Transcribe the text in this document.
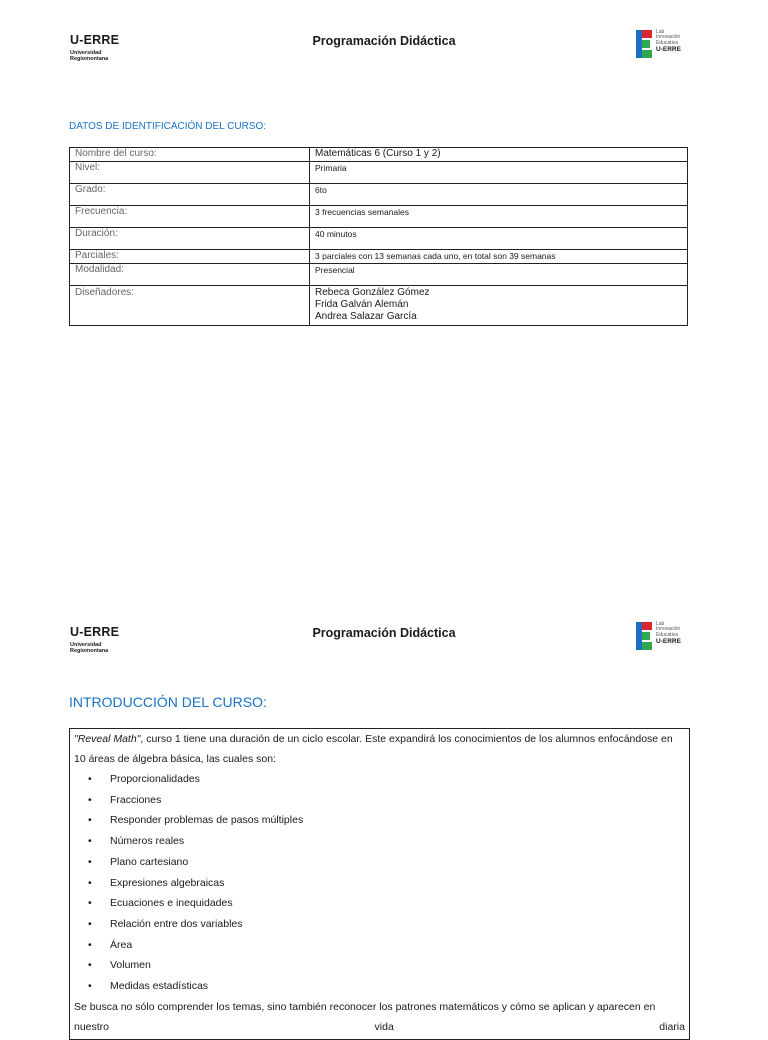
U-ERRE
Universidad
Regiomontana
Programación Didáctica
Lab
Innovación
Educativa
U-ERRE
DATOS DE IDENTIFICACIÓN DEL CURSO:
Nombre del curso:	Matemáticas 6 (Curso 1 y 2)
Nivel:	Primaria
Grado:	6to
Frecuencia:	3 frecuencias semanales
Duración:	40 minutos
Parciales:	3 parciales con 13 semanas cada uno, en total son 39 semanas
Modalidad:	Presencial
Diseñadores:	Rebeca González Gómez
Frida Galván Alemán
Andrea Salazar García
U-ERRE
Universidad
Regiomontana
Programación Didáctica
Lab
Innovación
Educativa
U-ERRE
INTRODUCCIÓN DEL CURSO:

"Reveal Math", curso 1 tiene una duración de un ciclo escolar. Este expandirá los conocimientos de los alumnos enfocándose en 10 áreas de álgebra básica, las cuales son:

• Proporcionalidades
• Fracciones
• Responder problemas de pasos múltiples
• Números reales
• Plano cartesiano
• Expresiones algebraicas
• Ecuaciones e inequidades
• Relación entre dos variables
• Área
• Volumen
• Medidas estadísticas

Se busca no sólo comprender los temas, sino también reconocer los patrones matemáticos y cómo se aplican y aparecen en

nuestro	vida	diaria
